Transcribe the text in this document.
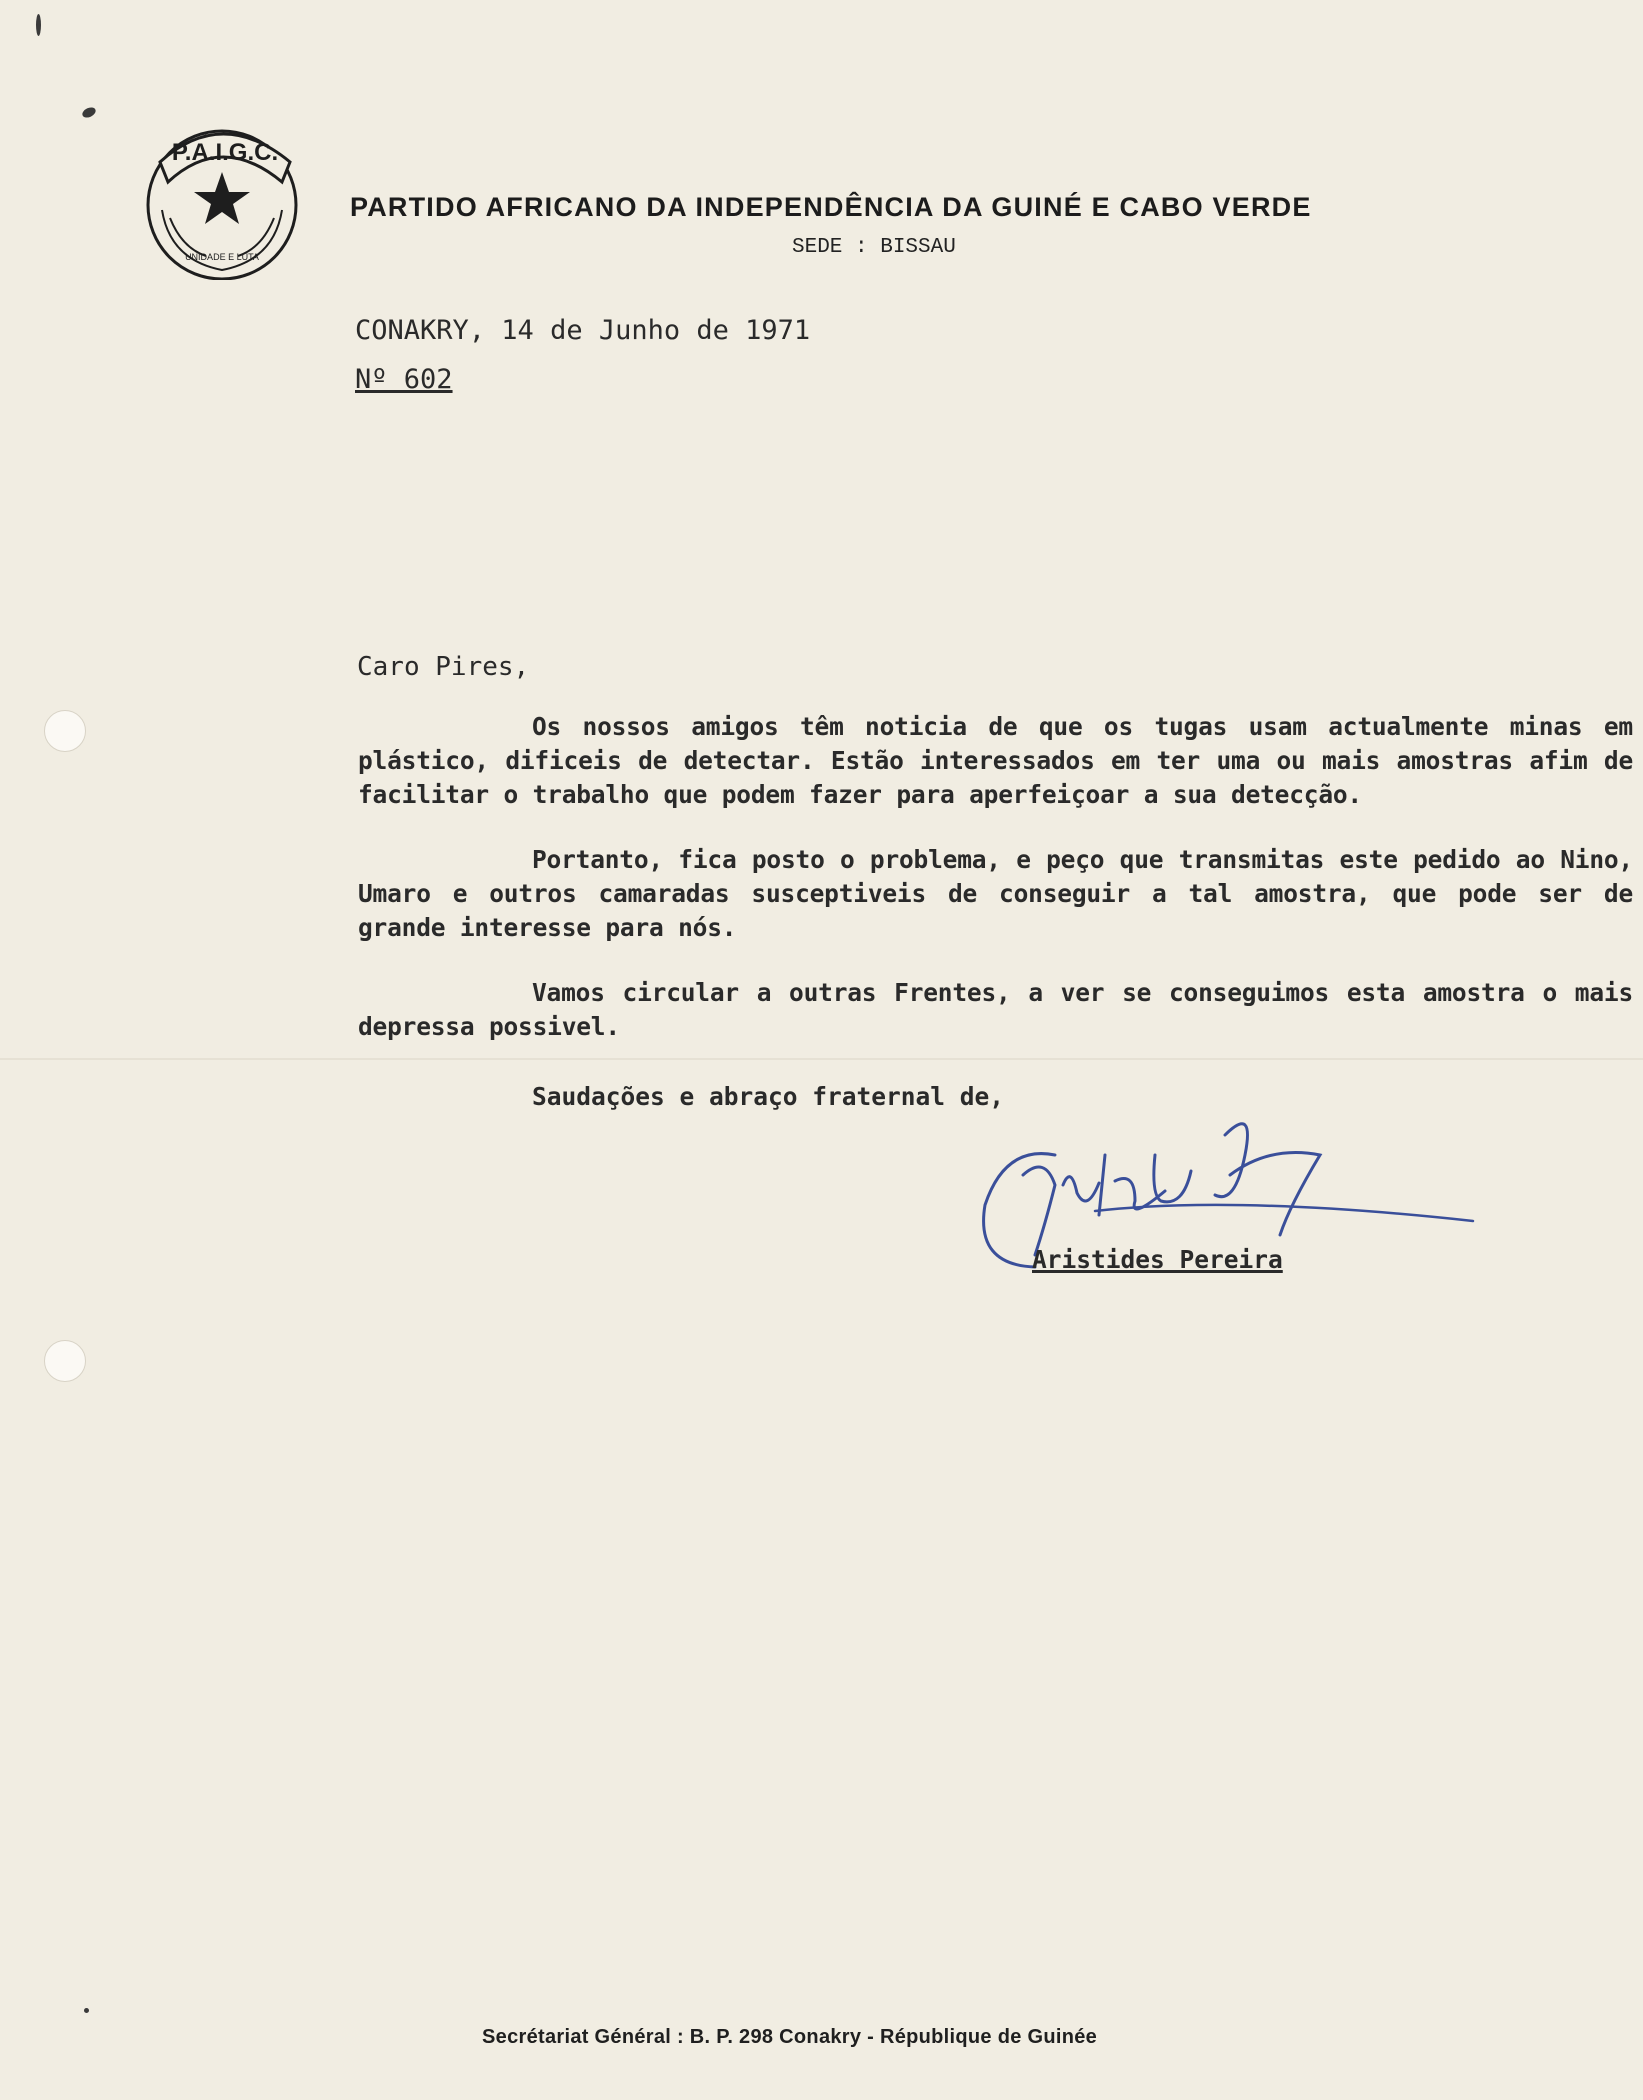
P.A.I.G.C.
UNIDADE E LUTA
PARTIDO AFRICANO DA INDEPENDÊNCIA DA GUINÉ E CABO VERDE
SEDE : BISSAU
CONAKRY, 14 de Junho de 1971
Nº 602
Caro Pires,

Os nossos amigos têm noticia de que os tugas usam actualmente minas em plástico, dificeis de detectar. Estão interessados em ter uma ou mais amostras afim de facilitar o trabalho que podem fazer para aperfeiçoar a sua detecção.

Portanto, fica posto o problema, e peço que transmitas este pedido ao Nino, Umaro e outros camaradas susceptiveis de conseguir a tal amostra, que pode ser de grande interesse para nós.

Vamos circular a outras Frentes, a ver se conseguimos esta amostra o mais depressa possivel.

Saudações e abraço fraternal de,
Aristides Pereira
Secrétariat Général : B. P. 298 Conakry - République de Guinée
